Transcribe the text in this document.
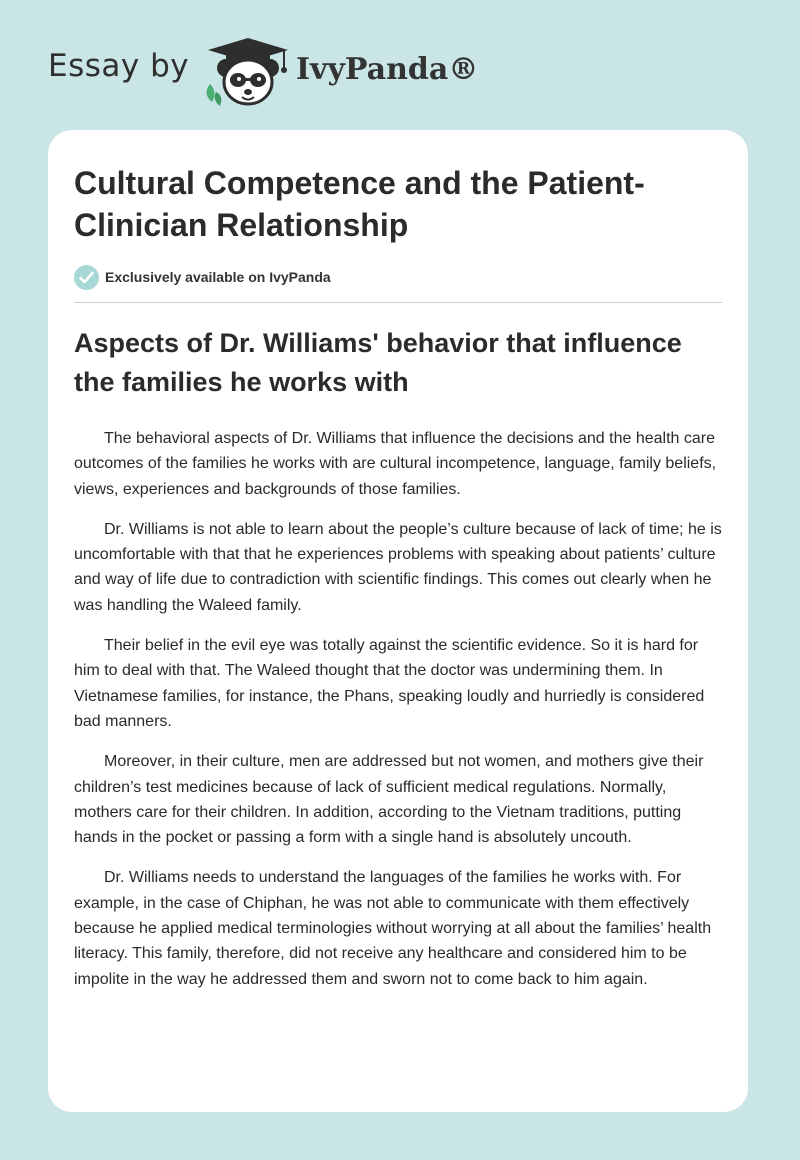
Essay by	IvyPanda®
Cultural Competence and the Patient-Clinician Relationship
Exclusively available on IvyPanda
Aspects of Dr. Williams' behavior that influence the families he works with

The behavioral aspects of Dr. Williams that influence the decisions and the health care outcomes of the families he works with are cultural incompetence, language, family beliefs, views, experiences and backgrounds of those families.

Dr. Williams is not able to learn about the people’s culture because of lack of time; he is uncomfortable with that that he experiences problems with speaking about patients’ culture and way of life due to contradiction with scientific findings. This comes out clearly when he was handling the Waleed family.

Their belief in the evil eye was totally against the scientific evidence. So it is hard for him to deal with that. The Waleed thought that the doctor was undermining them. In Vietnamese families, for instance, the Phans, speaking loudly and hurriedly is considered bad manners.

Moreover, in their culture, men are addressed but not women, and mothers give their children’s test medicines because of lack of sufficient medical regulations. Normally, mothers care for their children. In addition, according to the Vietnam traditions, putting hands in the pocket or passing a form with a single hand is absolutely uncouth.

Dr. Williams needs to understand the languages of the families he works with. For example, in the case of Chiphan, he was not able to communicate with them effectively because he applied medical terminologies without worrying at all about the families’ health literacy. This family, therefore, did not receive any healthcare and considered him to be impolite in the way he addressed them and sworn not to come back to him again.
